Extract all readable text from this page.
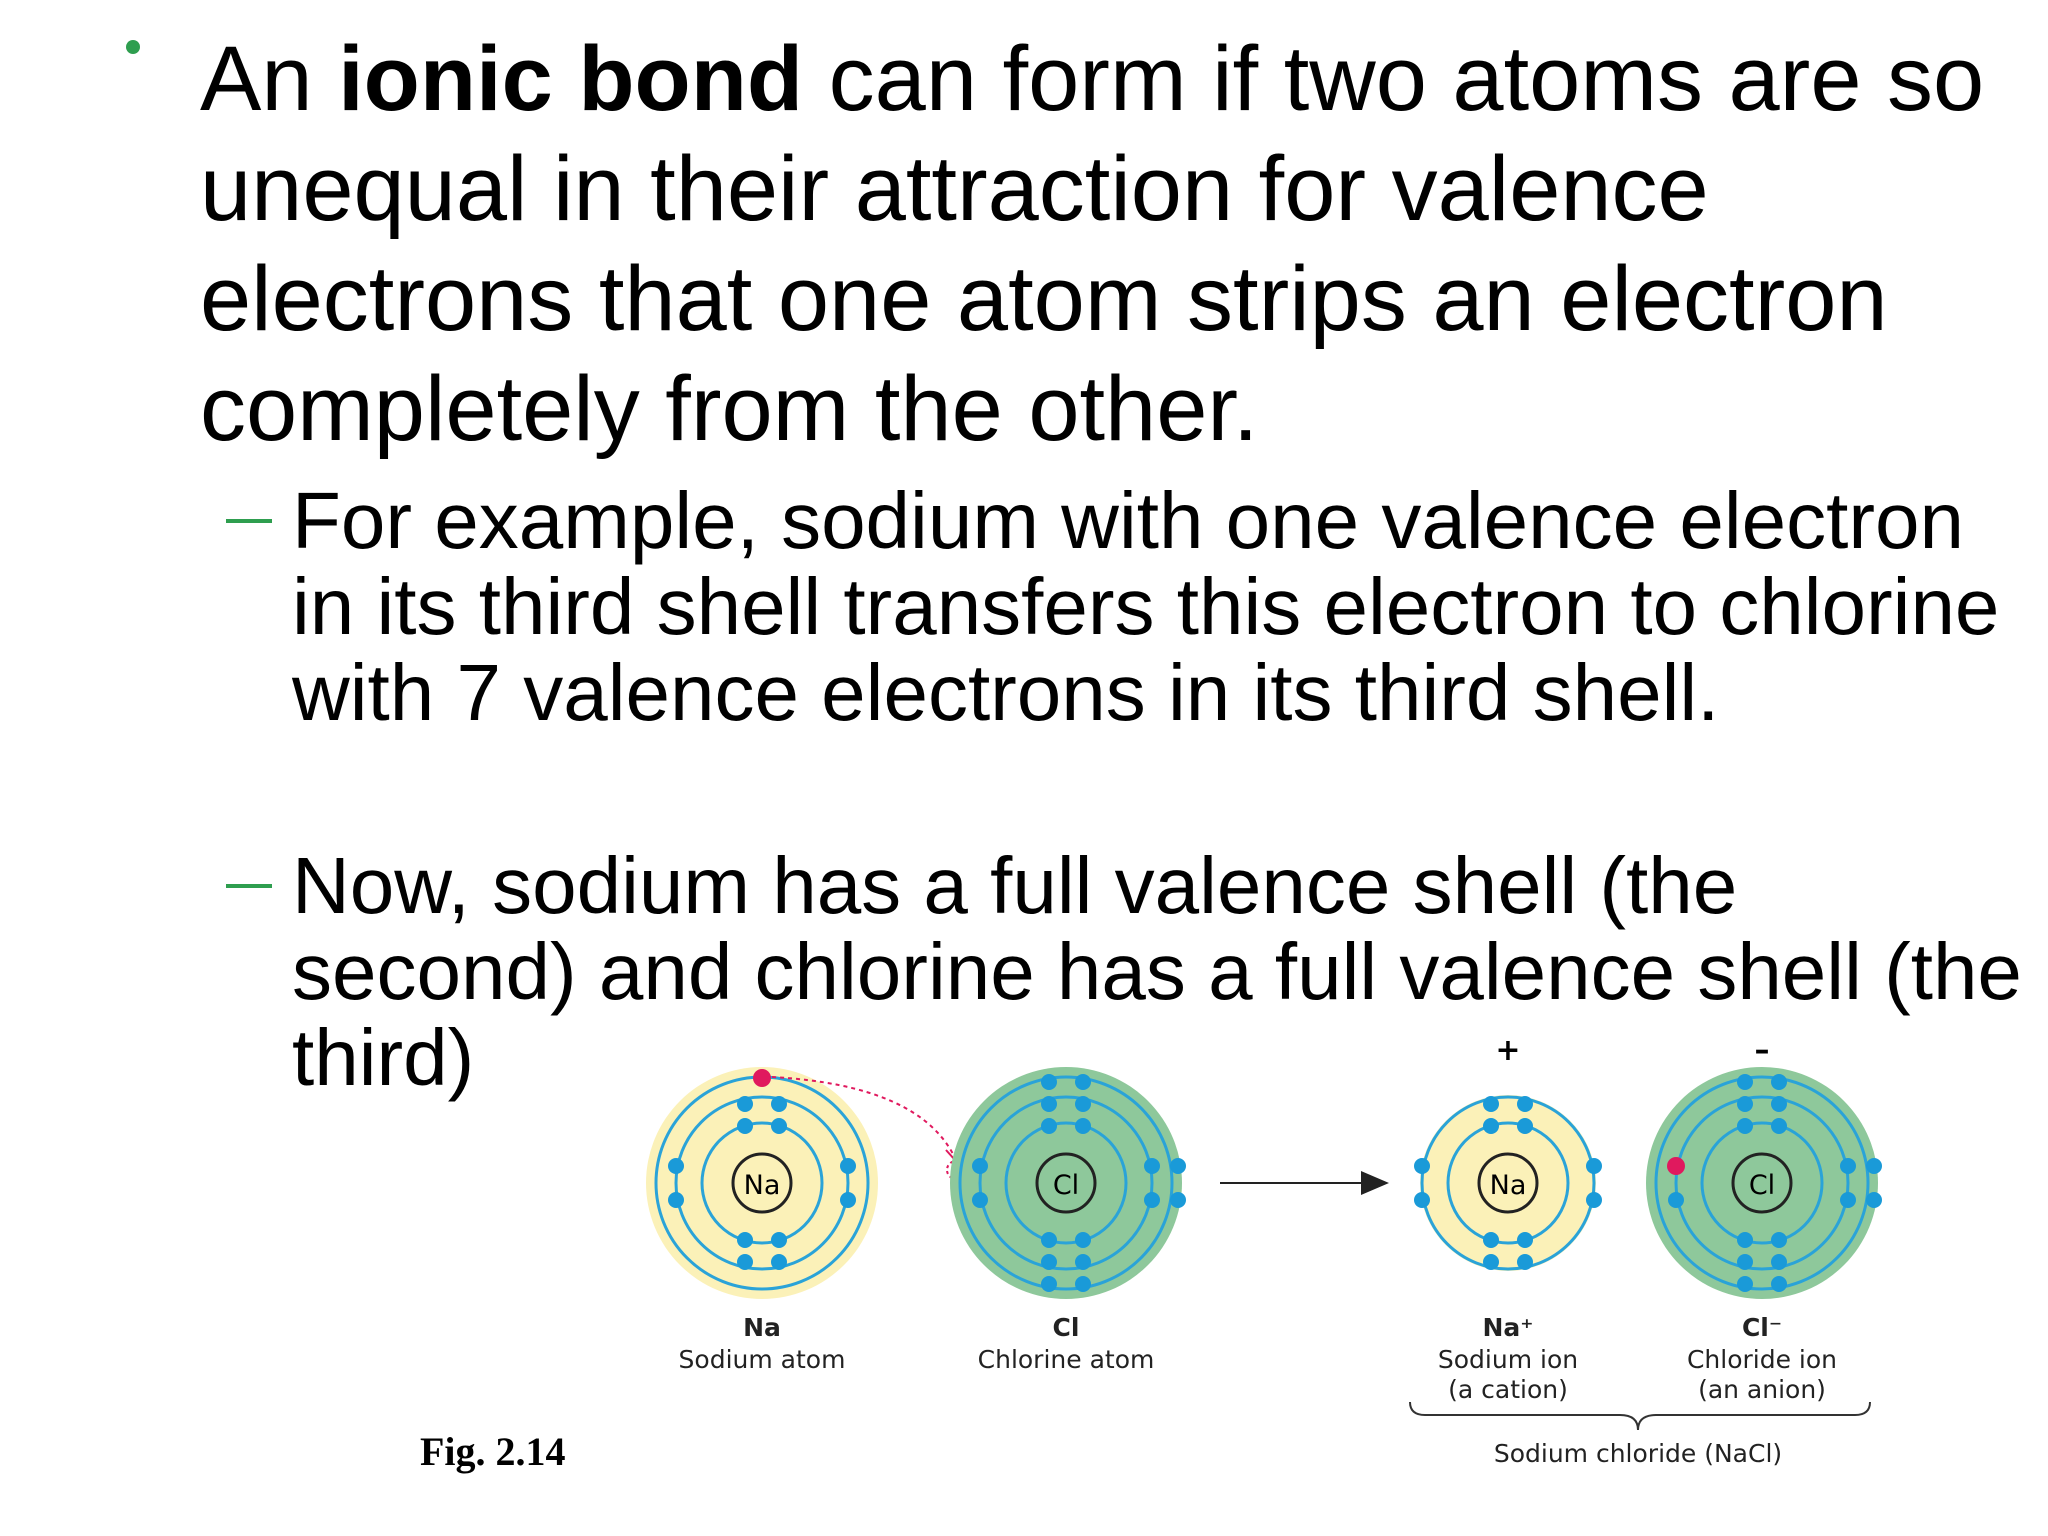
An ionic bond can form if two atoms are so unequal in their attraction for valence electrons that one atom strips an electron completely from the other.

For example, sodium with one valence electron in its third shell transfers this electron to chlorine with 7 valence electrons in its third shell.

Now, sodium has a full valence shell (the second) and chlorine has a full valence shell (the third)

Na	Cl	Na
+
Cl
–
Na
Sodium atom
Cl
Chlorine atom
Na⁺
Sodium ion
(a cation)
Cl⁻
Chloride ion
(an anion)
Sodium chloride (NaCl)
Fig. 2.14
